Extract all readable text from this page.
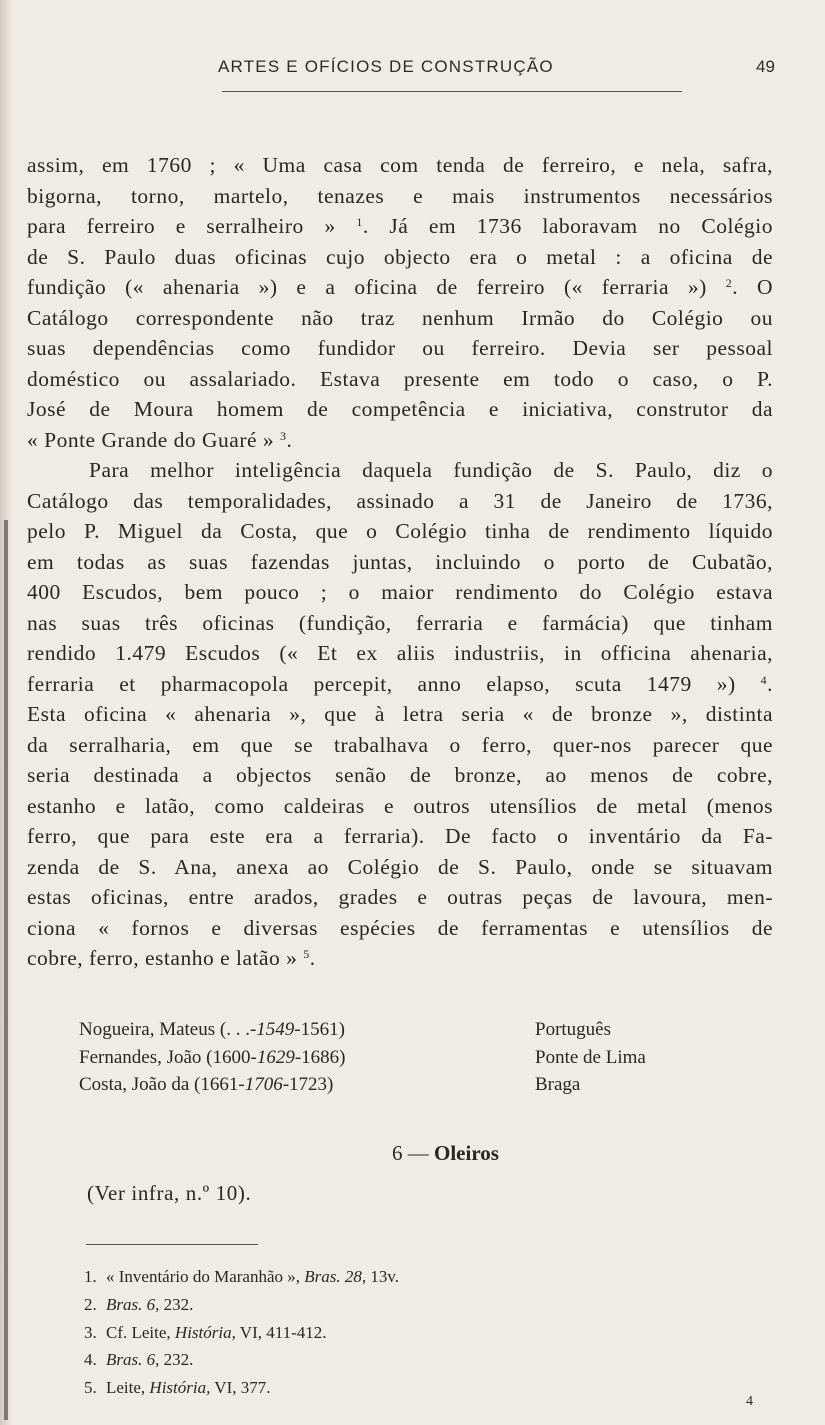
ARTES E OFÍCIOS DE CONSTRUÇÃO	49
assim, em 1760 ; « Uma casa com tenda de ferreiro, e nela, safra,
bigorna, torno, martelo, tenazes e mais instrumentos necessários
para ferreiro e serralheiro » $^1$. Já em 1736 laboravam no Colégio
de S. Paulo duas oficinas cujo objecto era o metal : a oficina de
fundição (« ahenaria ») e a oficina de ferreiro (« ferraria ») $^2$. O
Catálogo correspondente não traz nenhum Irmão do Colégio ou
suas dependências como fundidor ou ferreiro. Devia ser pessoal
doméstico ou assalariado. Estava presente em todo o caso, o P.
José de Moura homem de competência e iniciativa, construtor da
« Ponte Grande do Guaré » $^3$.
Para melhor inteligência daquela fundição de S. Paulo, diz o
Catálogo das temporalidades, assinado a 31 de Janeiro de 1736,
pelo P. Miguel da Costa, que o Colégio tinha de rendimento líquido
em todas as suas fazendas juntas, incluindo o porto de Cubatão,
400 Escudos, bem pouco ; o maior rendimento do Colégio estava
nas suas três oficinas (fundição, ferraria e farmácia) que tinham
rendido 1.479 Escudos (« Et ex aliis industriis, in officina ahenaria,
ferraria et pharmacopola percepit, anno elapso, scuta 1479 ») $^4$.
Esta oficina « ahenaria », que à letra seria « de bronze », distinta
da serralharia, em que se trabalhava o ferro, quer-nos parecer que
seria destinada a objectos senão de bronze, ao menos de cobre,
estanho e latão, como caldeiras e outros utensílios de metal (menos
ferro, que para este era a ferraria). De facto o inventário da Fa-
zenda de S. Ana, anexa ao Colégio de S. Paulo, onde se situavam
estas oficinas, entre arados, grades e outras peças de lavoura, men-
ciona « fornos e diversas espécies de ferramentas e utensílios de
cobre, ferro, estanho e latão » $^5$.
Nogueira, Mateus (. . .-1549-1561)	Português
Fernandes, João (1600-1629-1686)	Ponte de Lima
Costa, João da (1661-1706-1723)	Braga
6 — Oleiros
(Ver infra, n.º 10).
1. « Inventário do Maranhão », Bras. 28, 13v.
2. Bras. 6, 232.
3. Cf. Leite, História, VI, 411-412.
4. Bras. 6, 232.
5. Leite, História, VI, 377.
4
